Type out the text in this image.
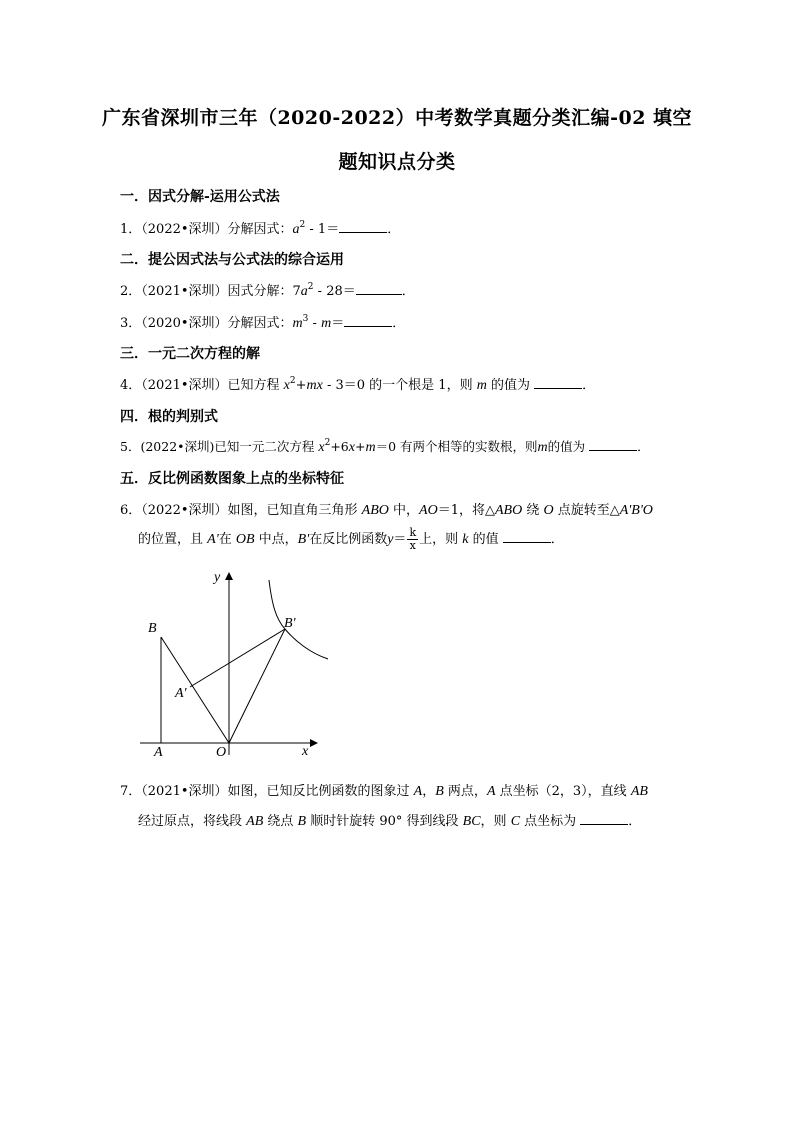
广东省深圳市三年（2020-2022）中考数学真题分类汇编-02 填空
题知识点分类
一．因式分解-运用公式法
1．（2022•深圳）分解因式：$a^2 - 1=$	．
二．提公因式法与公式法的综合运用
2．（2021•深圳）因式分解：$7a^2 - 28=$	．
3．（2020•深圳）分解因式：$m^3 - m=$	．
三．一元二次方程的解
4．（2021•深圳）已知方程 $x^2+mx - 3=0$ 的一个根是 1，则 m 的值为	．
四．根的判别式
5．(2022•深圳)已知一元二次方程 $x^2+6x+m=0$ 有两个相等的实数根，则m的值为	．
五．反比例函数图象上点的坐标特征
6．（2022•深圳）如图，已知直角三角形 ABO 中，AO＝1，将△ABO 绕 O 点旋转至△A'B'O
的位置，且 A'在 OB 中点，B'在反比例函数$y= \frac{k}{x}$ 上，则 k 的值	．
y
x
B	B'
A'
A	O
7．（2021•深圳）如图，已知反比例函数的图象过 A，B 两点，A 点坐标（2，3），直线 AB
经过原点，将线段 AB 绕点 B 顺时针旋转 90° 得到线段 BC，则 C 点坐标为	．
